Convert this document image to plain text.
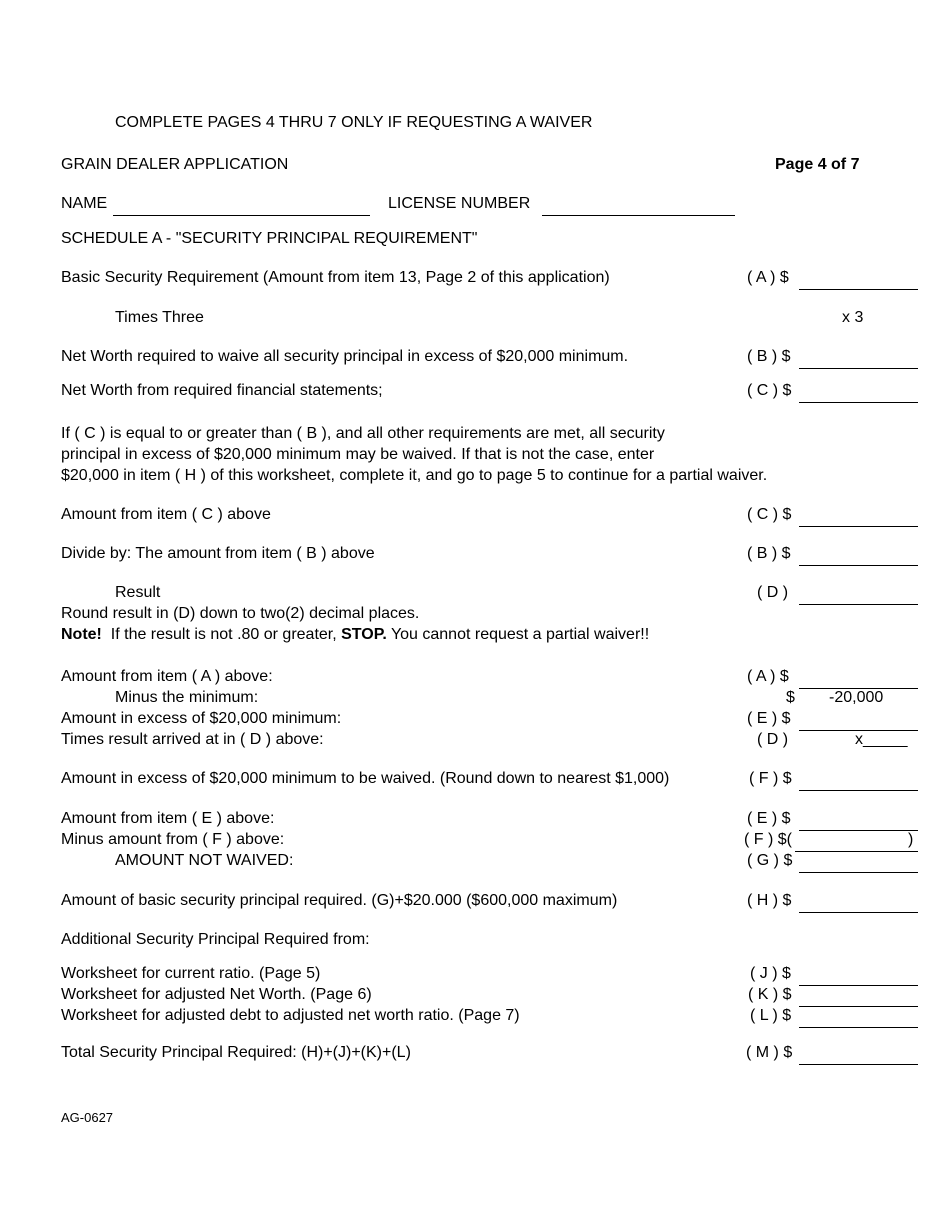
COMPLETE PAGES 4 THRU 7 ONLY IF REQUESTING A WAIVER
GRAIN DEALER APPLICATION	Page 4 of 7
NAME	LICENSE NUMBER
SCHEDULE A - "SECURITY PRINCIPAL REQUIREMENT"
Basic Security Requirement (Amount from item 13, Page 2 of this application)	( A ) $
Times Three	x 3
Net Worth required to waive all security principal in excess of $20,000 minimum.	( B ) $
Net Worth from required financial statements;	( C ) $
If ( C ) is equal to or greater than ( B ), and all other requirements are met, all security
principal in excess of $20,000 minimum may be waived. If that is not the case, enter
$20,000 in item ( H ) of this worksheet, complete it, and go to page 5 to continue for a partial waiver.
Amount from item ( C ) above	( C ) $
Divide by: The amount from item ( B ) above	( B ) $
Result	( D )
Round result in (D) down to two(2) decimal places.
Note!  If the result is not .80 or greater, STOP. You cannot request a partial waiver!!
Amount from item ( A ) above:	( A ) $
Minus the minimum:	$ -20,000
Amount in excess of $20,000 minimum:	( E ) $
Times result arrived at in ( D ) above:	( D )	x_____
Amount in excess of $20,000 minimum to be waived. (Round down to nearest $1,000)	( F ) $
Amount from item ( E ) above:	( E ) $
Minus amount from ( F ) above:	( F ) $(	)
AMOUNT NOT WAIVED:	( G ) $
Amount of basic security principal required. (G)+$20.000 ($600,000 maximum)	( H ) $
Additional Security Principal Required from:
Worksheet for current ratio. (Page 5)	( J ) $
Worksheet for adjusted Net Worth. (Page 6)	( K ) $
Worksheet for adjusted debt to adjusted net worth ratio. (Page 7)	( L ) $
Total Security Principal Required: (H)+(J)+(K)+(L)	( M ) $
AG-0627
